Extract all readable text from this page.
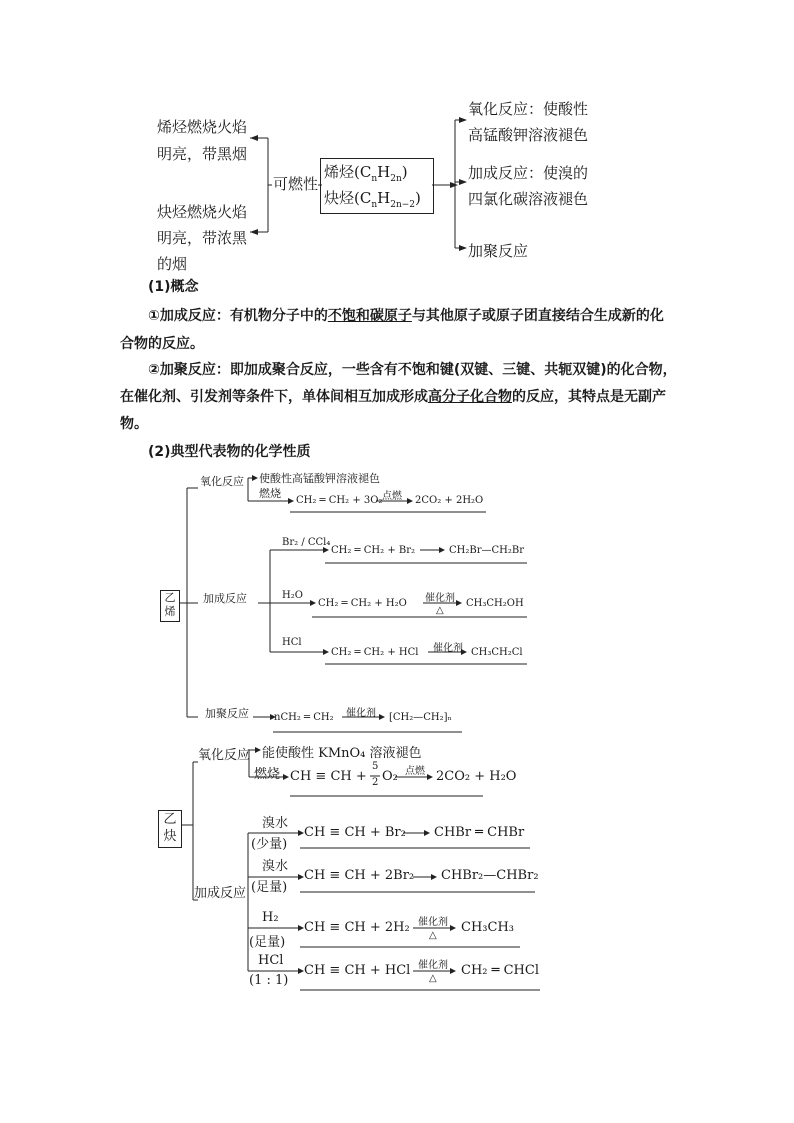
烯烃燃烧火焰
明亮，带黑烟
炔烃燃烧火焰
明亮，带浓黑
的烟
可燃性
烯烃$(C_nH_{2n})$
炔烃$(C_nH_{2n-2})$
氧化反应：使酸性
高锰酸钾溶液褪色
加成反应：使溴的
四氯化碳溶液褪色
加聚反应
(1)概念
①加成反应：有机物分子中的不饱和碳原子与其他原子或原子团直接结合生成新的化
合物的反应。
②加聚反应：即加成聚合反应，一些含有不饱和键(双键、三键、共轭双键)的化合物，
在催化剂、引发剂等条件下，单体间相互加成形成高分子化合物的反应，其特点是无副产
物。
(2)典型代表物的化学性质
乙烯
氧化反应 使酸性高锰酸钾溶液褪色
燃烧
CH₂ ═ CH₂ + 3O₂ 点燃 2CO₂ + 2H₂O
加成反应
Br₂ / CCl₄
CH₂ ═ CH₂ + Br₂	CH₂Br—CH₂Br
H₂O
CH₂ ═ CH₂ + H₂O 催化剂
△
CH₃CH₂OH
HCl
CH₂ ═ CH₂ + HCl 催化剂 CH₃CH₂Cl
加聚反应	nCH₂ ═ CH₂ 催化剂 [CH₂—CH₂]ₙ
乙炔
氧化反应 能使酸性 KMnO₄ 溶液褪色
燃烧 CH ≡ CH +
5
2 O₂ 点燃 2CO₂ + H₂O
加成反应
溴水
(少量)
CH ≡ CH + Br₂ CHBr ═ CHBr
溴水
(足量)
CH ≡ CH + 2Br₂ CHBr₂—CHBr₂
H₂
(足量)
CH ≡ CH + 2H₂ 催化剂
△
CH₃CH₃
HCl
(1 : 1)
CH ≡ CH + HCl 催化剂
△
CH₂ ═ CHCl
